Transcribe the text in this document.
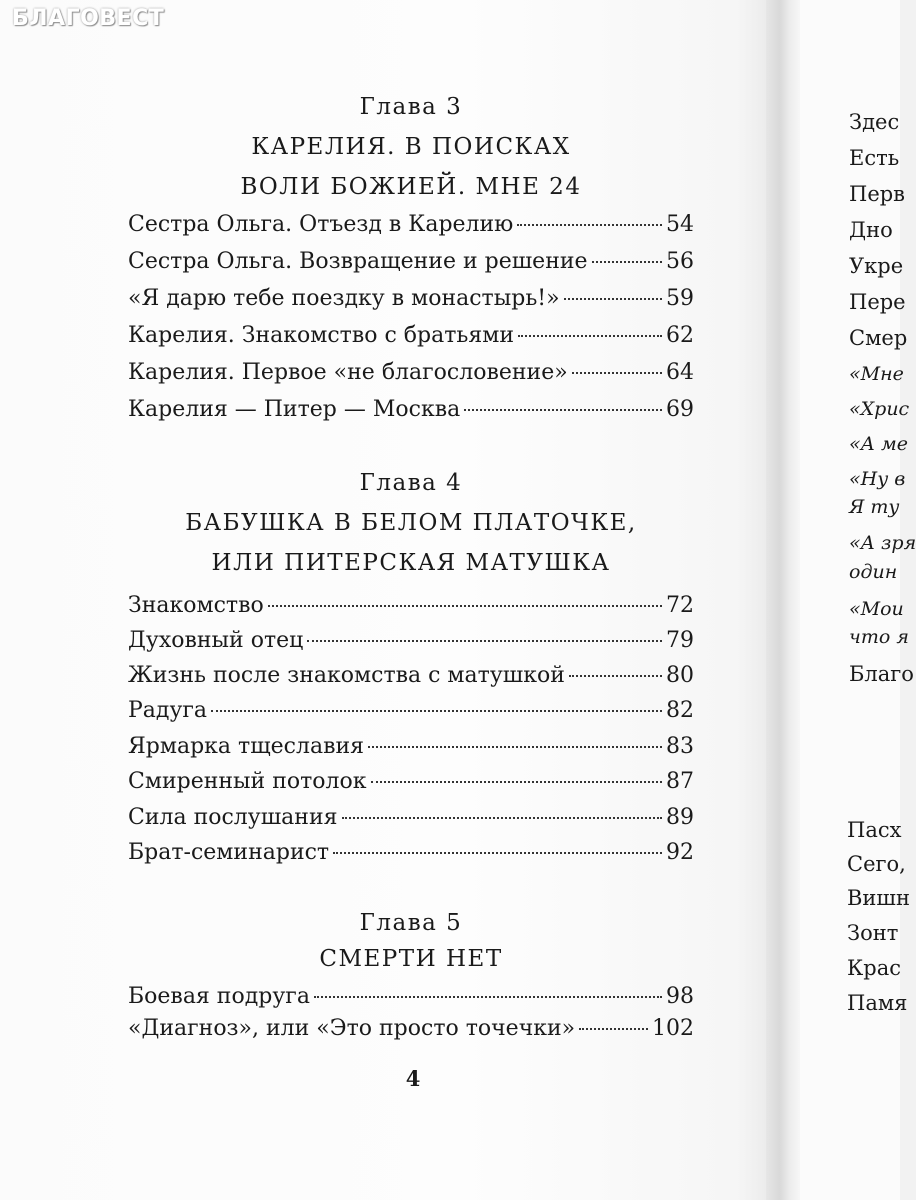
БЛАГОВЕСТ
Глава 3
КАРЕЛИЯ. В ПОИСКАХ
ВОЛИ БОЖИЕЙ. МНЕ 24
Сестра Ольга. Отъезд в Карелию	54
Сестра Ольга. Возвращение и решение	56
«Я дарю тебе поездку в монастырь!»	59
Карелия. Знакомство с братьями	62
Карелия. Первое «не благословение»	64
Карелия — Питер — Москва	69
Глава 4
БАБУШКА В БЕЛОМ ПЛАТОЧКЕ,
ИЛИ ПИТЕРСКАЯ МАТУШКА
Знакомство	72
Духовный отец	79
Жизнь после знакомства с матушкой	80
Радуга	82
Ярмарка тщеславия	83
Смиренный потолок	87
Сила послушания	89
Брат-семинарист	92
Глава 5
СМЕРТИ НЕТ
Боевая подруга	98
«Диагноз», или «Это просто точечки»	102
4
Здес
Есть
Перв
Дно
Укре
Пере
Смер
«Мне
«Хрис
«А ме
«Ну в
Я ту
«А зря
один
«Мои
что я
Благо
Пасх
Сего,
Вишн
Зонт
Крас
Памя
